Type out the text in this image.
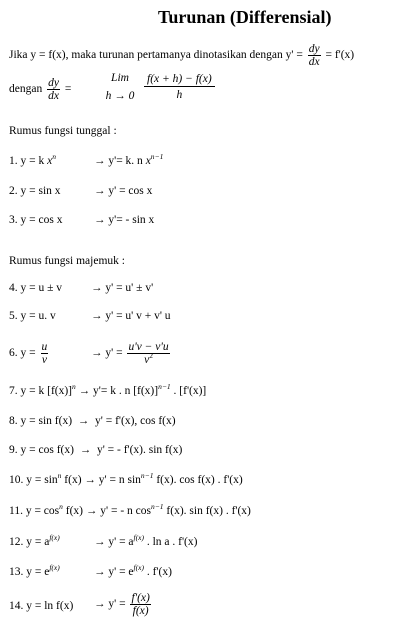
Turunan (Differensial)
Jika y = f(x), maka turunan pertamanya dinotasikan dengan $y' = \frac{dy}{dx} = f'(x)$
dengan $\frac{dy}{dx}$ =
Lim
$h \to 0 \frac{f(x + h) - f(x)}{h}$
Rumus fungsi tunggal :
1. y = k $x^n$	→ y'= k. n $x^{n-1}$
2. y = sin x	→ y' = cos x
3. y = cos x	→ y'= - sin x
Rumus fungsi majemuk :
4. y = u ± v	→ y' = u' ± v'
5. y = u. v	→ y' = u' v + v' u
6. $y = \frac{u}{v}$	→ $y' = \frac{u'v - v'u}{v^2}$
7. y = k $[f(x)]^n \to y'= k$ . n $[f(x)]^{n-1}$ . [f'(x)]
8. y = sin f(x) → y' = f'(x), cos f(x)
9. y = cos f(x) → y' = - f'(x). sin f(x)
10. $y = \sin^n f(x) \to y' = n$ $\sin^{n-1} f(x)$. cos f(x) . f'(x)
11. $y = \cos^n f(x) \to y'$ = - n $\cos^{n-1} f(x)$. sin f(x) . f'(x)
12. $y = a^{f(x)}$	→ $y' = a^{f(x)}$ . ln a . f'(x)
13. $y = e^{f(x)}$	→ $y' = e^{f(x)}$ . f'(x)
14. $y = \ln f(x) \to y' = \frac{f'(x)}{f(x)}$
